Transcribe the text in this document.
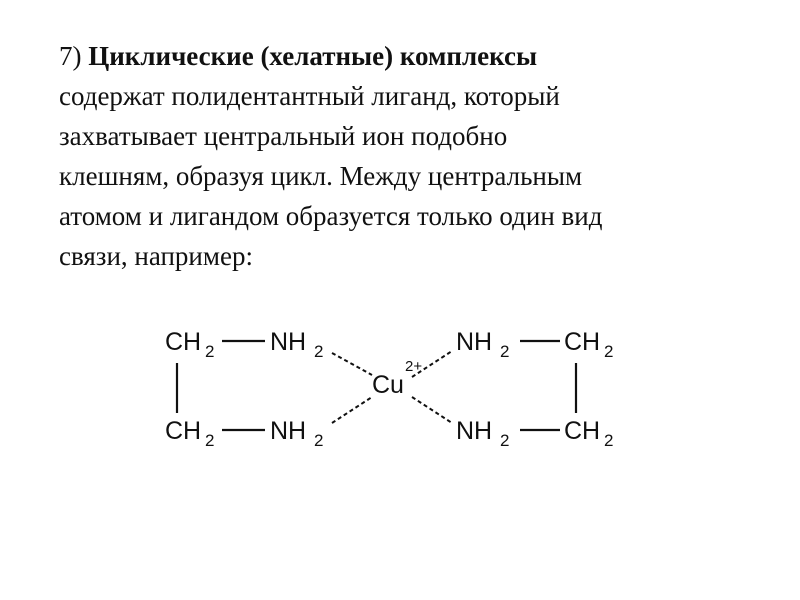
7) Циклические (хелатные) комплексы
содержат полидентантный лиганд, который
захватывает центральный ион подобно
клешням, образуя цикл. Между центральным
атомом и лигандом образуется только один вид
связи, например:
CH 2 NH 2
CH 2 NH 2
Cu
2+
NH 2 CH 2
NH 2 CH 2
